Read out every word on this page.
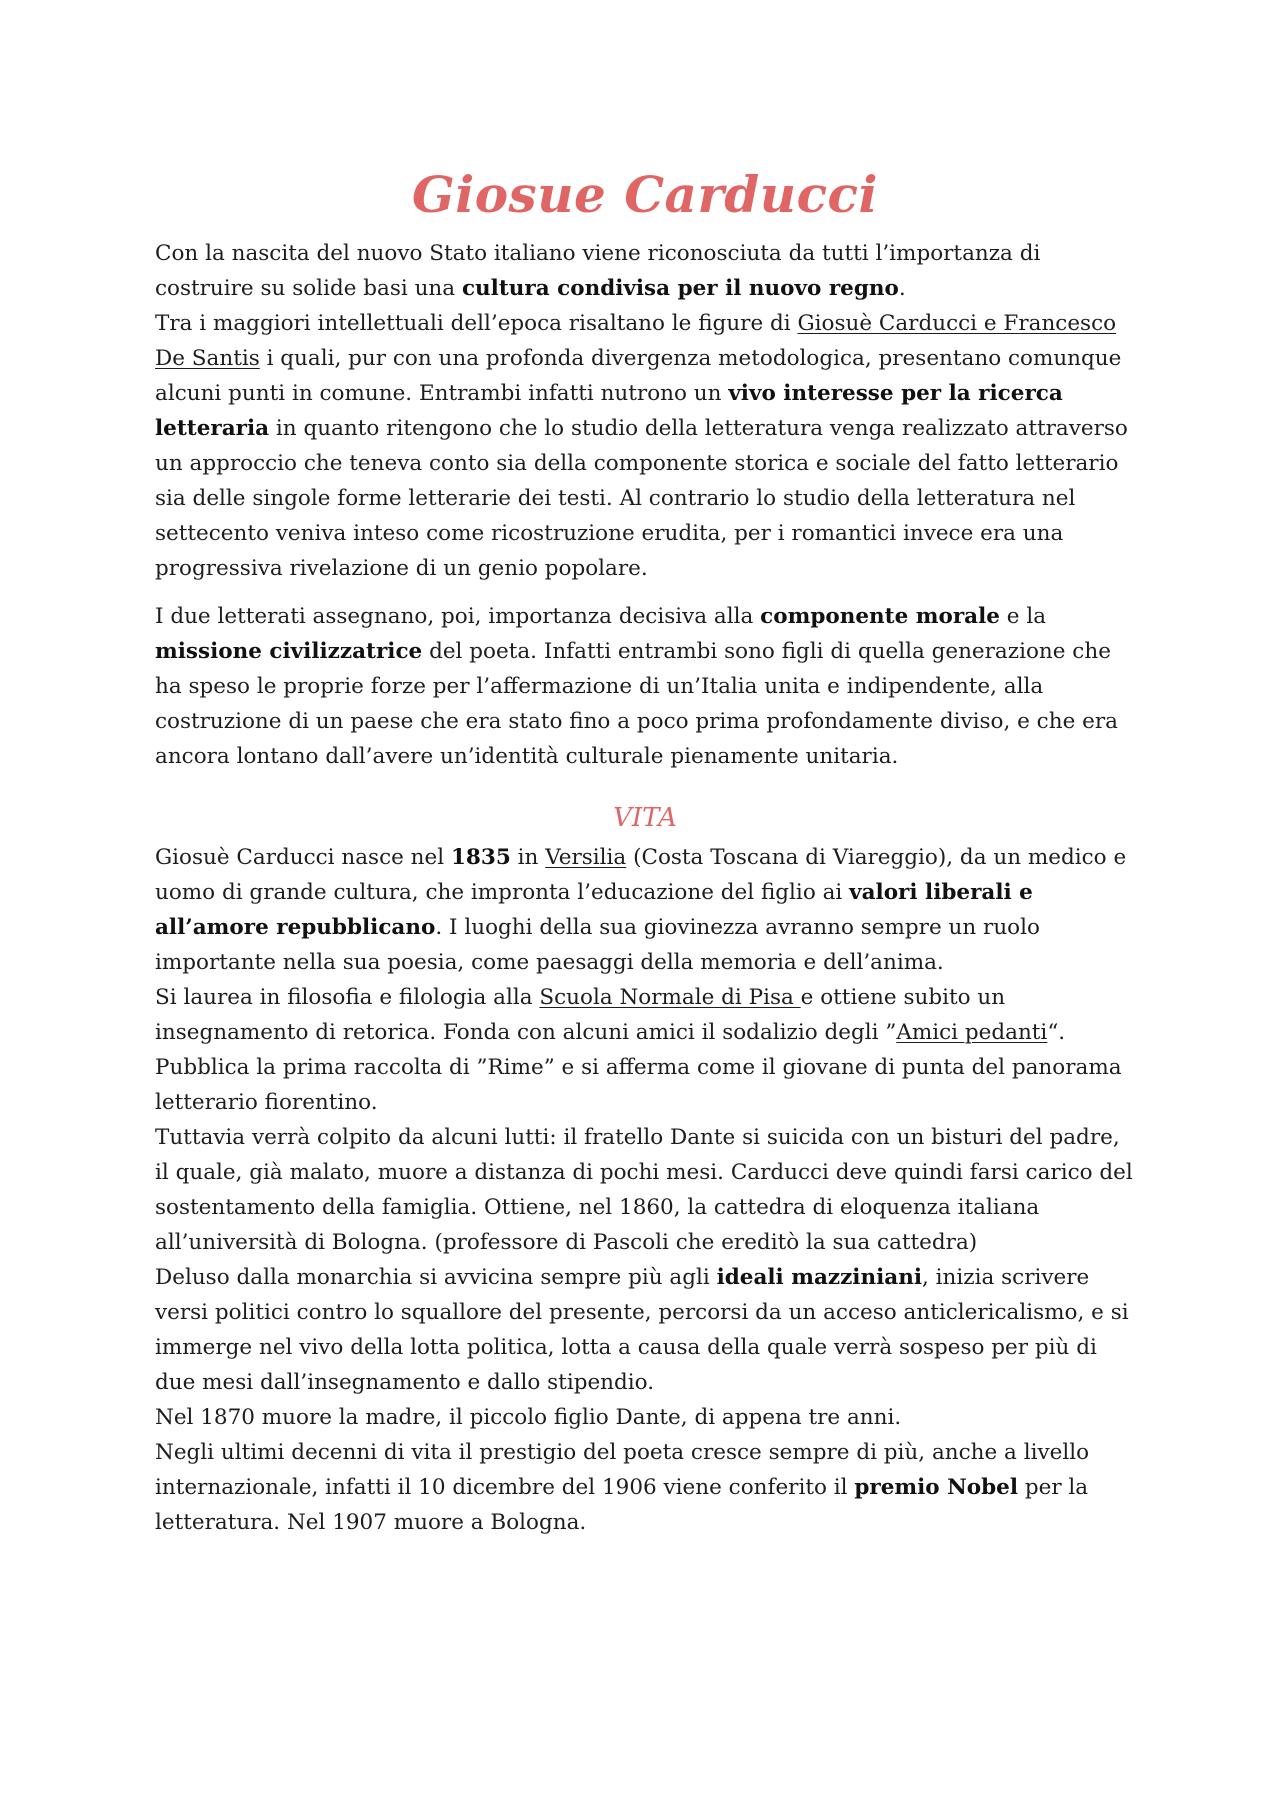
Giosue Carducci

Con la nascita del nuovo Stato italiano viene riconosciuta da tutti l’importanza di costruire su solide basi una cultura condivisa per il nuovo regno.

Tra i maggiori intellettuali dell’epoca risaltano le figure di Giosuè Carducci e Francesco De Santis i quali, pur con una profonda divergenza metodologica, presentano comunque alcuni punti in comune. Entrambi infatti nutrono un vivo interesse per la ricerca letteraria in quanto ritengono che lo studio della letteratura venga realizzato attraverso un approccio che teneva conto sia della componente storica e sociale del fatto letterario sia delle singole forme letterarie dei testi. Al contrario lo studio della letteratura nel settecento veniva inteso come ricostruzione erudita, per i romantici invece era una progressiva rivelazione di un genio popolare.

I due letterati assegnano, poi, importanza decisiva alla componente morale e la missione civilizzatrice del poeta. Infatti entrambi sono figli di quella generazione che ha speso le proprie forze per l’affermazione di un’Italia unita e indipendente, alla costruzione di un paese che era stato fino a poco prima profondamente diviso, e che era ancora lontano dall’avere un’identità culturale pienamente unitaria.

VITA

Giosuè Carducci nasce nel 1835 in Versilia (Costa Toscana di Viareggio), da un medico e uomo di grande cultura, che impronta l’educazione del figlio ai valori liberali e all’amore repubblicano. I luoghi della sua giovinezza avranno sempre un ruolo importante nella sua poesia, come paesaggi della memoria e dell’anima.

Si laurea in filosofia e filologia alla Scuola Normale di Pisa e ottiene subito un insegnamento di retorica. Fonda con alcuni amici il sodalizio degli ”Amici pedanti“.

Pubblica la prima raccolta di ”Rime” e si afferma come il giovane di punta del panorama letterario fiorentino.

Tuttavia verrà colpito da alcuni lutti: il fratello Dante si suicida con un bisturi del padre, il quale, già malato, muore a distanza di pochi mesi. Carducci deve quindi farsi carico del sostentamento della famiglia. Ottiene, nel 1860, la cattedra di eloquenza italiana all’università di Bologna. (professore di Pascoli che ereditò la sua cattedra)

Deluso dalla monarchia si avvicina sempre più agli ideali mazziniani, inizia scrivere versi politici contro lo squallore del presente, percorsi da un acceso anticlericalismo, e si immerge nel vivo della lotta politica, lotta a causa della quale verrà sospeso per più di due mesi dall’insegnamento e dallo stipendio.

Nel 1870 muore la madre, il piccolo figlio Dante, di appena tre anni.

Negli ultimi decenni di vita il prestigio del poeta cresce sempre di più, anche a livello internazionale, infatti il 10 dicembre del 1906 viene conferito il premio Nobel per la letteratura. Nel 1907 muore a Bologna.
